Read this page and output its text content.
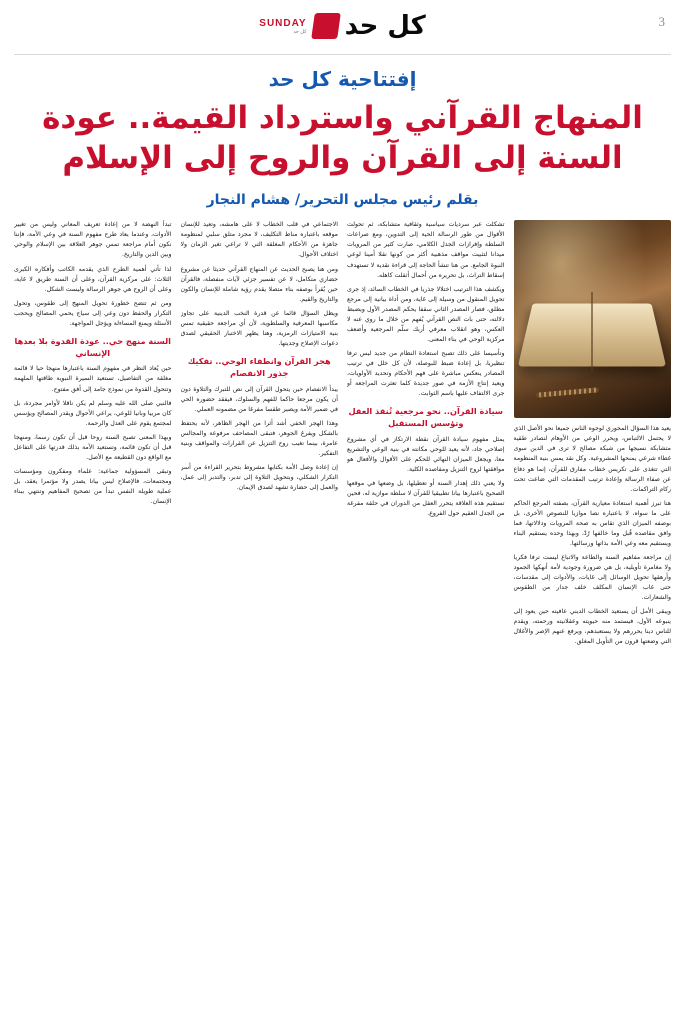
3
كل حد
SUNDAY
كل حد
إفتتاحية كل حد
المنهاج القرآني واسترداد القيمة.. عودة السنة إلى القرآن والروح إلى الإسلام
بقلم رئيس مجلس التحرير/ هشام النجار

يعيد هذا السؤال المحوري لوجوه الناس جميعا نحو الأصل الذي لا يحتمل الالتباس، ويحرر الوعي من الأوهام لنصادر طقية متشابكة نسيجها من شبكة مصالح لا ترى في الدين سوى غطاء شرعي يمنحها المشروعية. وكل نقد يمس بنية المنظومة التي تتغذى على تكريس خطاب مفارق للقرآن، إنما هو دفاع عن صفاء الرسالة وإعادة ترتيب المقدمات التي ضاعت تحت ركام التراكمات.

هنا تبرز أهمية استعادة معيارية القرآن، بصفته المرجع الحاكم على ما سواه، لا باعتباره نصا موازيا للنصوص الأخرى، بل بوصفه الميزان الذي تقاس به صحة المرويات ودلالاتها، فما وافق مقاصده قُبل وما خالفها رُدّ، وبهذا وحده يستقيم البناء ويستقيم معه وعي الأمة بذاتها ورسالتها.

إن مراجعة مفاهيم السنة والطاعة والاتباع ليست ترفا فكريا ولا مغامرة تأويلية، بل هي ضرورة وجودية لأمة أنهكها الجمود وأرهقها تحويل الوسائل إلى غايات، والأدوات إلى مقدسات، حتى غاب الإنسان المكلف خلف جدار من الطقوس والشعارات.

ويبقى الأمل أن يستعيد الخطاب الديني عافيته حين يعود إلى ينبوعه الأول، فيستمد منه حيويته وعقلانيته ورحمته، ويقدم للناس دينا يحررهم ولا يستعبدهم، ويرفع عنهم الإصر والأغلال التي وضعتها قرون من التأويل المغلق.

تشكلت عبر سرديات سياسية وثقافية متشابكة، ثم تحولت الأقوال من طور الرسالة الحية إلى التدوين، ومع صراعات السلطة وإفرازات الجدل الكلامي، صارت كثير من المرويات ميدانا لتثبيت مواقف مذهبية أكثر من كونها نقلا أمينا لوعي النبوة الجامع. من هنا تنشأ الحاجة إلى قراءة نقدية لا تستهدف إسقاط التراث، بل تحريره من أحمال أثقلت كاهله.

ويكشف هذا الترتيب اختلالا جذريا في الخطاب السائد، إذ جرى تحويل المنقول من وسيلة إلى غاية، ومن أداة بيانية إلى مرجع مطلق، فصار المصدر الثاني سقفا يحكم المصدر الأول ويضبط دلالته، حتى بات النص القرآني يُفهم من خلال ما روي عنه لا العكس، وهو انقلاب معرفي أربك سلّم المرجعية وأضعف مركزية الوحي في بناء المعنى.

وتأسيسا على ذلك تصبح استعادة النظام من جديد ليس ترفا تنظيريا، بل إعادة ضبط للبوصلة، لأن كل خلل في ترتيب المصادر ينعكس مباشرة على فهم الأحكام وتحديد الأولويات، ويعيد إنتاج الأزمة في صور جديدة كلما تعثرت المراجعة أو جرى الالتفاف عليها باسم الثوابت.

سيادة القرآن.. نحو مرجعية تُنقذ العقل وتؤسس المستقبل

يمثل مفهوم سيادة القرآن نقطة الارتكاز في أي مشروع إصلاحي جاد، لأنه يعيد للوحي مكانته في بنية الوعي والتشريع معا، ويجعل الميزان النهائي للحكم على الأقوال والأفعال هو موافقتها لروح التنزيل ومقاصده الكلية.

ولا يعني ذلك إهدار السنة أو تعطيلها، بل وضعها في موقعها الصحيح باعتبارها بيانا تطبيقيا للقرآن لا سلطة موازية له، فحين تستقيم هذه العلاقة يتحرر العقل من الدوران في حلقة مفرغة من الجدل العقيم حول الفروع.

الاجتماعي في قلب الخطاب لا على هامشه، وتعيد للإنسان موقعه باعتباره مناط التكليف، لا مجرد متلق سلبي لمنظومة جاهزة من الأحكام المغلقة التي لا تراعي تغير الزمان ولا اختلاف الأحوال.

ومن هنا يصبح الحديث عن المنهاج القرآني حديثا عن مشروع حضاري متكامل، لا عن تفسير جزئي لآيات منفصلة، فالقرآن حين يُقرأ بوصفه بناء متصلا يقدم رؤية شاملة للإنسان والكون والتاريخ والقيم.

ويظل السؤال قائما عن قدرة النخب الدينية على تجاوز مكاسبها المعرفية والسلطوية، لأن أي مراجعة حقيقية تمس بنية الامتيازات الرمزية، وهنا يظهر الاختبار الحقيقي لصدق دعوات الإصلاح وجديتها.

هجر القرآن وانطفاء الوحي.. تفكيك جذور الانفصام

يبدأ الانفصام حين يتحول القرآن إلى نص للتبرك والتلاوة دون أن يكون مرجعا حاكما للفهم والسلوك، فيفقد حضوره الحي في ضمير الأمة ويصير طقسا مفرغا من مضمونه العملي.

وهذا الهجر الخفي أشد أثرا من الهجر الظاهر، لأنه يحتفظ بالشكل ويفرغ الجوهر، فتبقى المصاحف مرفوعة والمجالس عامرة، بينما تغيب روح التنزيل عن القرارات والمواقف وبنية التفكير.

إن إعادة وصل الأمة بكتابها مشروط بتحرير القراءة من أسر التكرار الشكلي، وبتحويل التلاوة إلى تدبر، والتدبر إلى عمل، والعمل إلى حضارة تشهد لصدق الإيمان.

تبدأ النهضة لا من إعادة تعريف المعاني وليس من تغيير الأدوات، وعندما يعاد طرح مفهوم السنة في وعي الأمة، فإننا نكون أمام مراجعة تمس جوهر العلاقة بين الإسلام والوحي وبين الدين والتاريخ.

لذا تأتي أهمية الطرح الذي يقدمه الكاتب وأفكاره الكبرى الثلاث: على مركزية القرآن، وعلى أن السنة طريق لا غاية، وعلى أن الروح هي جوهر الرسالة وليست الشكل.

ومن ثم تتضح خطورة تحويل المنهج إلى طقوس، وتحول التكرار والحفظ دون وعي إلى سياج يحمي المصالح ويحجب الأسئلة ويمنع المساءلة ويؤجل المواجهة.

السنة منهج حي.. عودة القدوة بلا بعدها الإنساني

حين يُعاد النظر في مفهوم السنة باعتبارها منهجا حيا لا قائمة مغلقة من التفاصيل، تستعيد السيرة النبوية طاقتها الملهمة وتتحول القدوة من نموذج جامد إلى أفق مفتوح.

فالنبي صلى الله عليه وسلم لم يكن ناقلا لأوامر مجردة، بل كان مربيا وبانيا للوعي، يراعي الأحوال ويقدر المصالح ويؤسس لمجتمع يقوم على العدل والرحمة.

وبهذا المعنى تصبح السنة روحا قبل أن تكون رسما، ومنهجا قبل أن تكون قائمة، وتستعيد الأمة بذلك قدرتها على التفاعل مع الواقع دون القطيعة مع الأصل.

وتبقى المسؤولية جماعية: علماء ومفكرون ومؤسسات ومجتمعات، فالإصلاح ليس بيانا يصدر ولا مؤتمرا يعقد، بل عملية طويلة النفس تبدأ من تصحيح المفاهيم وتنتهي ببناء الإنسان.
